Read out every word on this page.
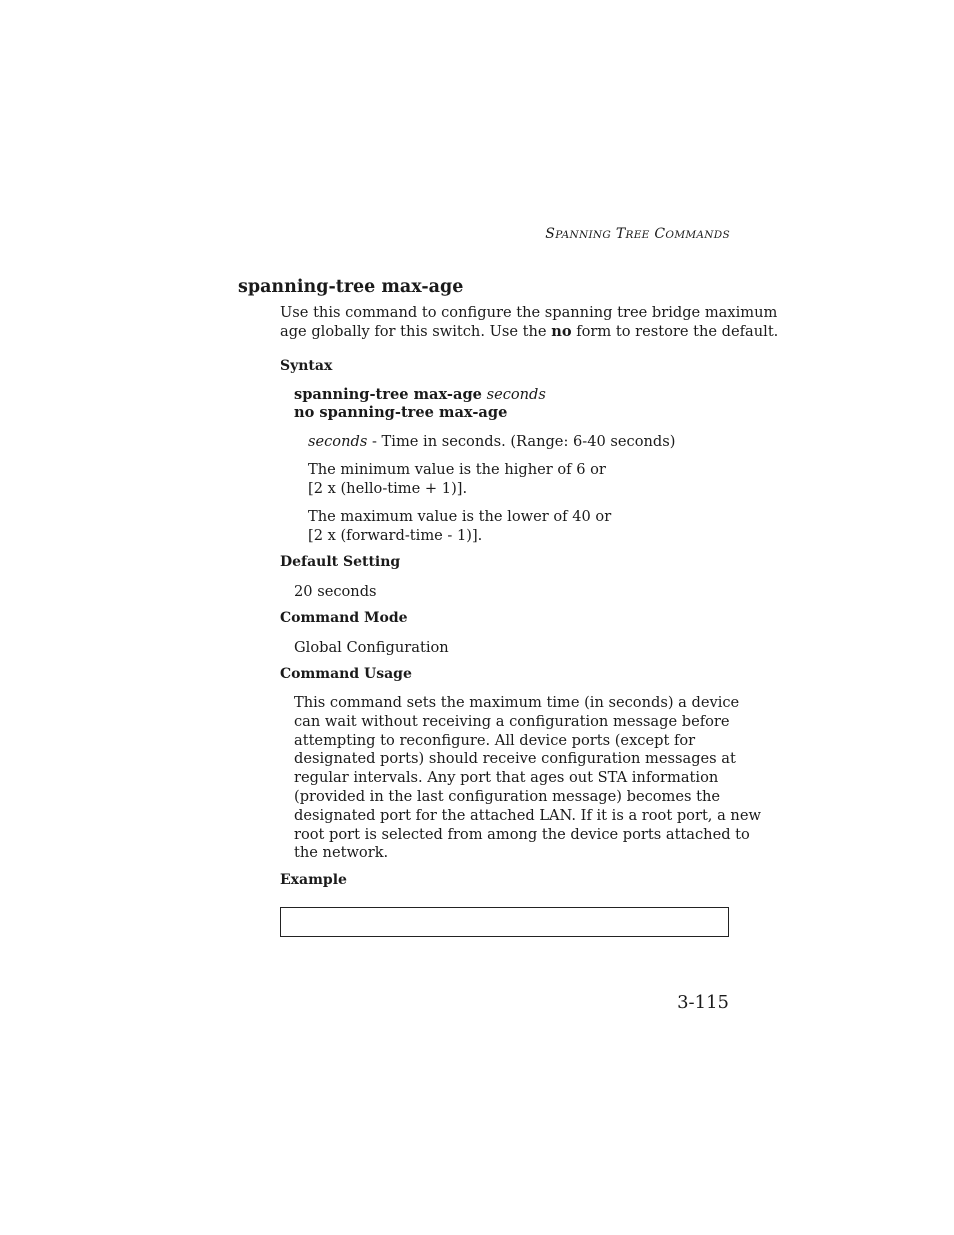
SPANNING TREE COMMANDS
spanning-tree max-age
Use this command to configure the spanning tree bridge maximum
age globally for this switch. Use the no form to restore the default.
Syntax
spanning-tree max-age seconds
no spanning-tree max-age
seconds - Time in seconds. (Range: 6-40 seconds)
The minimum value is the higher of 6 or
[2 x (hello-time + 1)].
The maximum value is the lower of 40 or
[2 x (forward-time - 1)].
Default Setting
20 seconds
Command Mode
Global Configuration
Command Usage
This command sets the maximum time (in seconds) a device
can wait without receiving a configuration message before
attempting to reconfigure. All device ports (except for
designated ports) should receive configuration messages at
regular intervals. Any port that ages out STA information
(provided in the last configuration message) becomes the
designated port for the attached LAN. If it is a root port, a new
root port is selected from among the device ports attached to
the network.
Example
3-115
